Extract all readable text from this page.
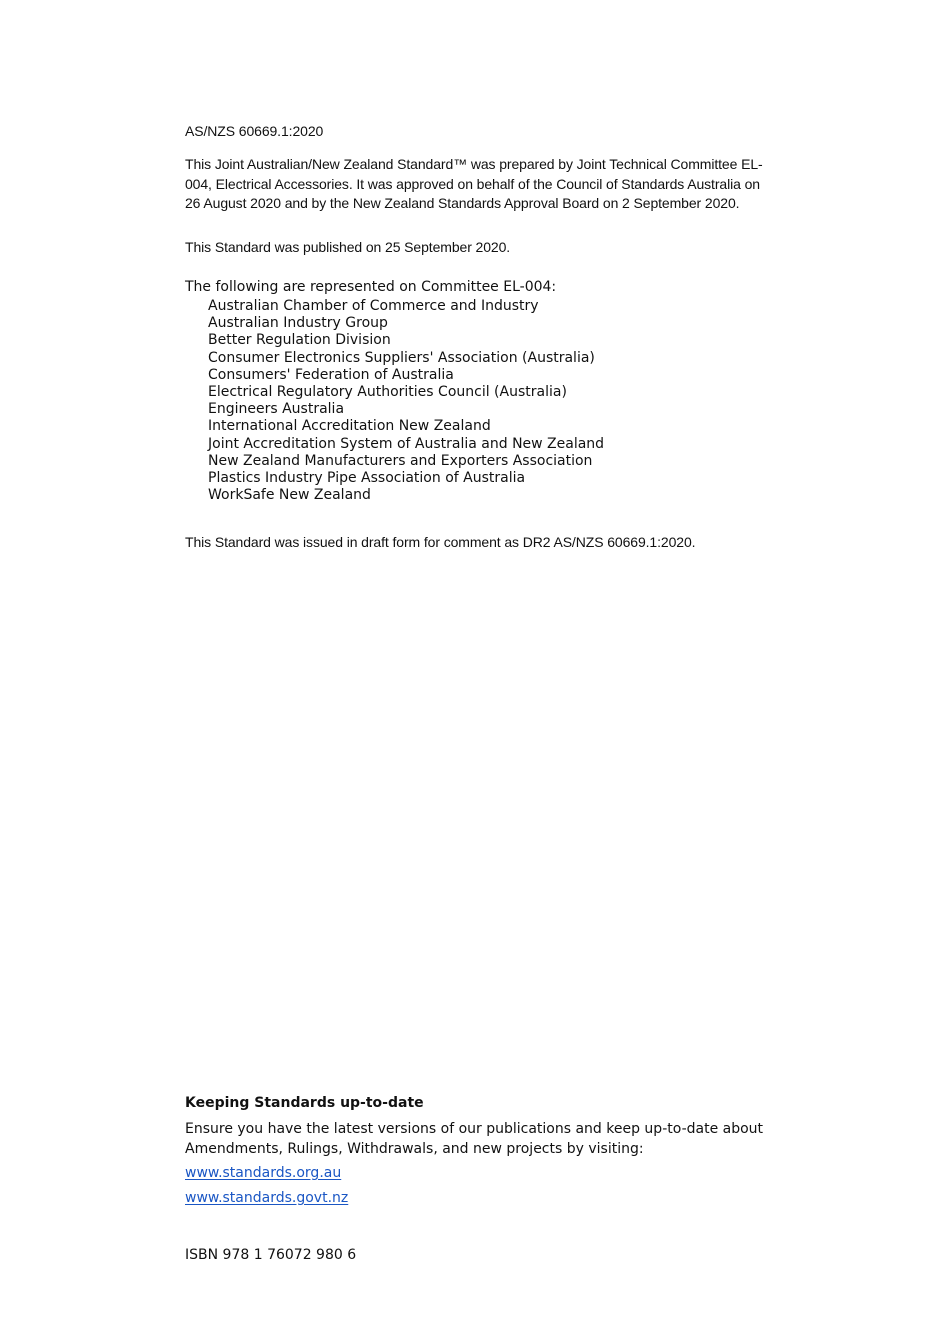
AS/NZS 60669.1:2020

This Joint Australian/New Zealand Standard™ was prepared by Joint Technical Committee EL-004, Electrical Accessories. It was approved on behalf of the Council of Standards Australia on 26 August 2020 and by the New Zealand Standards Approval Board on 2 September 2020.

This Standard was published on 25 September 2020.

The following are represented on Committee EL-004:

Australian Chamber of Commerce and Industry
Australian Industry Group
Better Regulation Division
Consumer Electronics Suppliers' Association (Australia)
Consumers' Federation of Australia
Electrical Regulatory Authorities Council (Australia)
Engineers Australia
International Accreditation New Zealand
Joint Accreditation System of Australia and New Zealand
New Zealand Manufacturers and Exporters Association
Plastics Industry Pipe Association of Australia
WorkSafe New Zealand

This Standard was issued in draft form for comment as DR2 AS/NZS 60669.1:2020.

Keeping Standards up-to-date

Ensure you have the latest versions of our publications and keep up-to-date about Amendments, Rulings, Withdrawals, and new projects by visiting:

www.standards.org.au

www.standards.govt.nz

ISBN 978 1 76072 980 6
